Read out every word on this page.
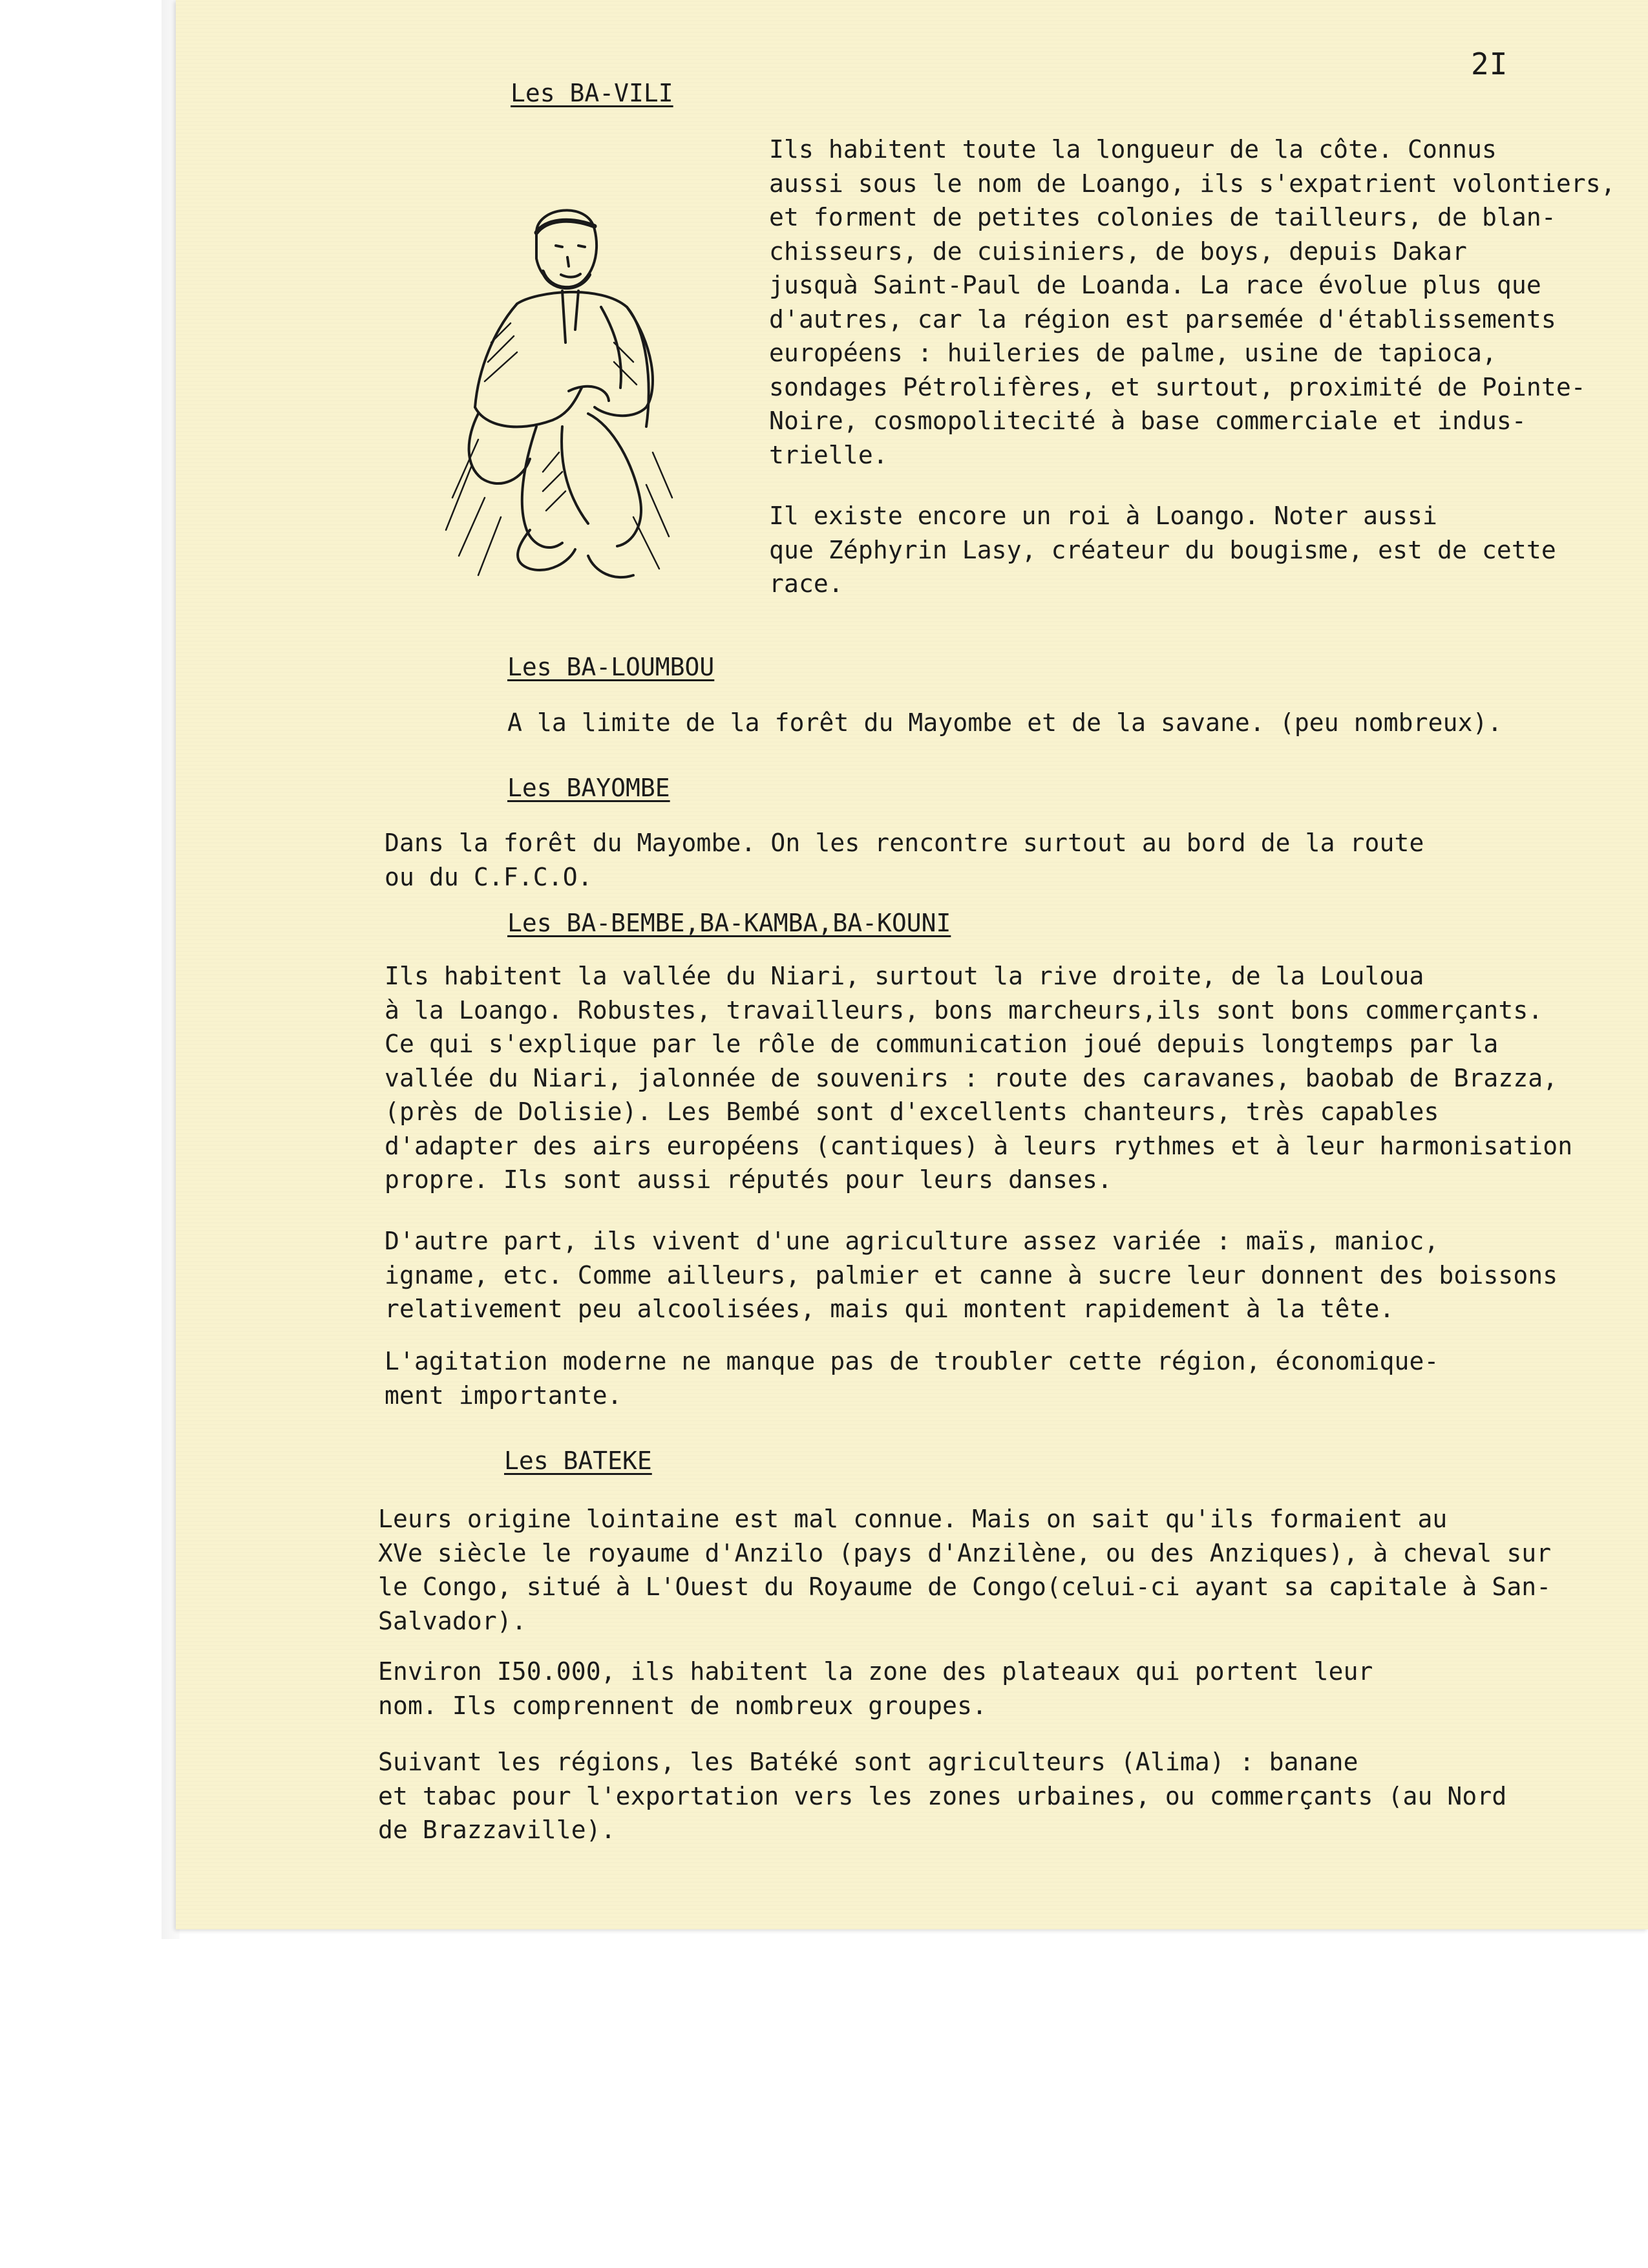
2I
Les BA-VILI

Ils habitent toute la longueur de la côte. Connus
aussi sous le nom de Loango, ils s'expatrient volontiers,
et forment de petites colonies de tailleurs, de blan-
chisseurs, de cuisiniers, de boys, depuis Dakar
jusquà Saint-Paul de Loanda. La race évolue plus que
d'autres, car la région est parsemée d'établissements
européens : huileries de palme, usine de tapioca,
sondages Pétrolifères, et surtout, proximité de Pointe-
Noire, cosmopolitecité à base commerciale et indus-
trielle.

Il existe encore un roi à Loango. Noter aussi
que Zéphyrin Lasy, créateur du bougisme, est de cette
race.

Les BA-LOUMBOU

A la limite de la forêt du Mayombe et de la savane. (peu nombreux).

Les BAYOMBE

Dans la forêt du Mayombe. On les rencontre surtout au bord de la route
ou du C.F.C.O.

Les BA-BEMBE,BA-KAMBA,BA-KOUNI

Ils habitent la vallée du Niari, surtout la rive droite, de la Louloua
à la Loango. Robustes, travailleurs, bons marcheurs,ils sont bons commerçants.
Ce qui s'explique par le rôle de communication joué depuis longtemps par la
vallée du Niari, jalonnée de souvenirs : route des caravanes, baobab de Brazza,
(près de Dolisie). Les Bembé sont d'excellents chanteurs, très capables
d'adapter des airs européens (cantiques) à leurs rythmes et à leur harmonisation
propre. Ils sont aussi réputés pour leurs danses.

D'autre part, ils vivent d'une agriculture assez variée : maïs, manioc,
igname, etc. Comme ailleurs, palmier et canne à sucre leur donnent des boissons
relativement peu alcoolisées, mais qui montent rapidement à la tête.

L'agitation moderne ne manque pas de troubler cette région, économique-
ment importante.

Les BATEKE

Leurs origine lointaine est mal connue. Mais on sait qu'ils formaient au
XVe siècle le royaume d'Anzilo (pays d'Anzilène, ou des Anziques), à cheval sur
le Congo, situé à L'Ouest du Royaume de Congo(celui-ci ayant sa capitale à San-
Salvador).

Environ I50.000, ils habitent la zone des plateaux qui portent leur
nom. Ils comprennent de nombreux groupes.

Suivant les régions, les Batéké sont agriculteurs (Alima) : banane
et tabac pour l'exportation vers les zones urbaines, ou commerçants (au Nord
de Brazzaville).
